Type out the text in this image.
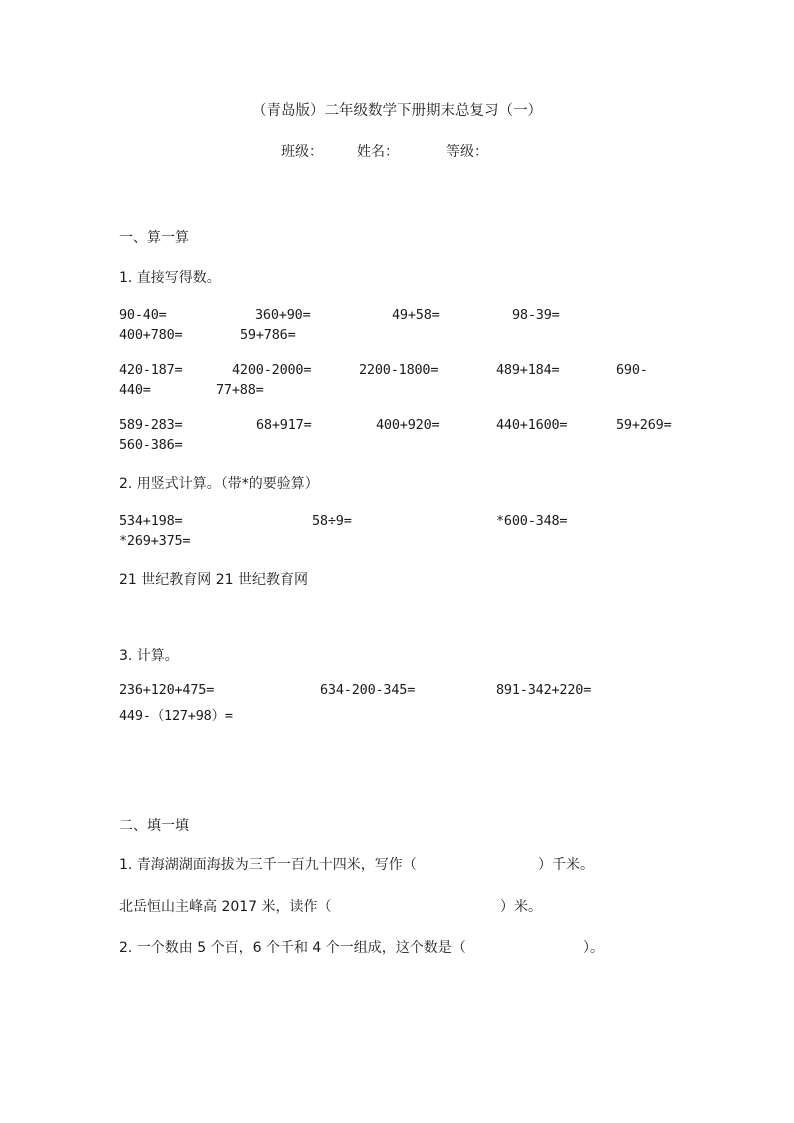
（青岛版）二年级数学下册期末总复习（一）
班级： 姓名：	等级：
一、算一算
1. 直接写得数。
90-40=	360+90=	49+58=	98-39=
400+780=	59+786=
420-187=	4200-2000=	2200-1800=	489+184=	690-
440=	77+88=
589-283=	68+917=	400+920=	440+1600=	59+269=
560-386=
2. 用竖式计算。（带*的要验算）
534+198=	58÷9=	*600-348=
*269+375=
21 世纪教育网 21 世纪教育网
3. 计算。
236+120+475=	634-200-345=	891-342+220=
449-（127+98）=
二、填一填
1. 青海湖湖面海拔为三千一百九十四米，写作（	）千米。
北岳恒山主峰高 2017 米，读作（	）米。
2. 一个数由 5 个百，6 个千和 4 个一组成，这个数是（	）。
